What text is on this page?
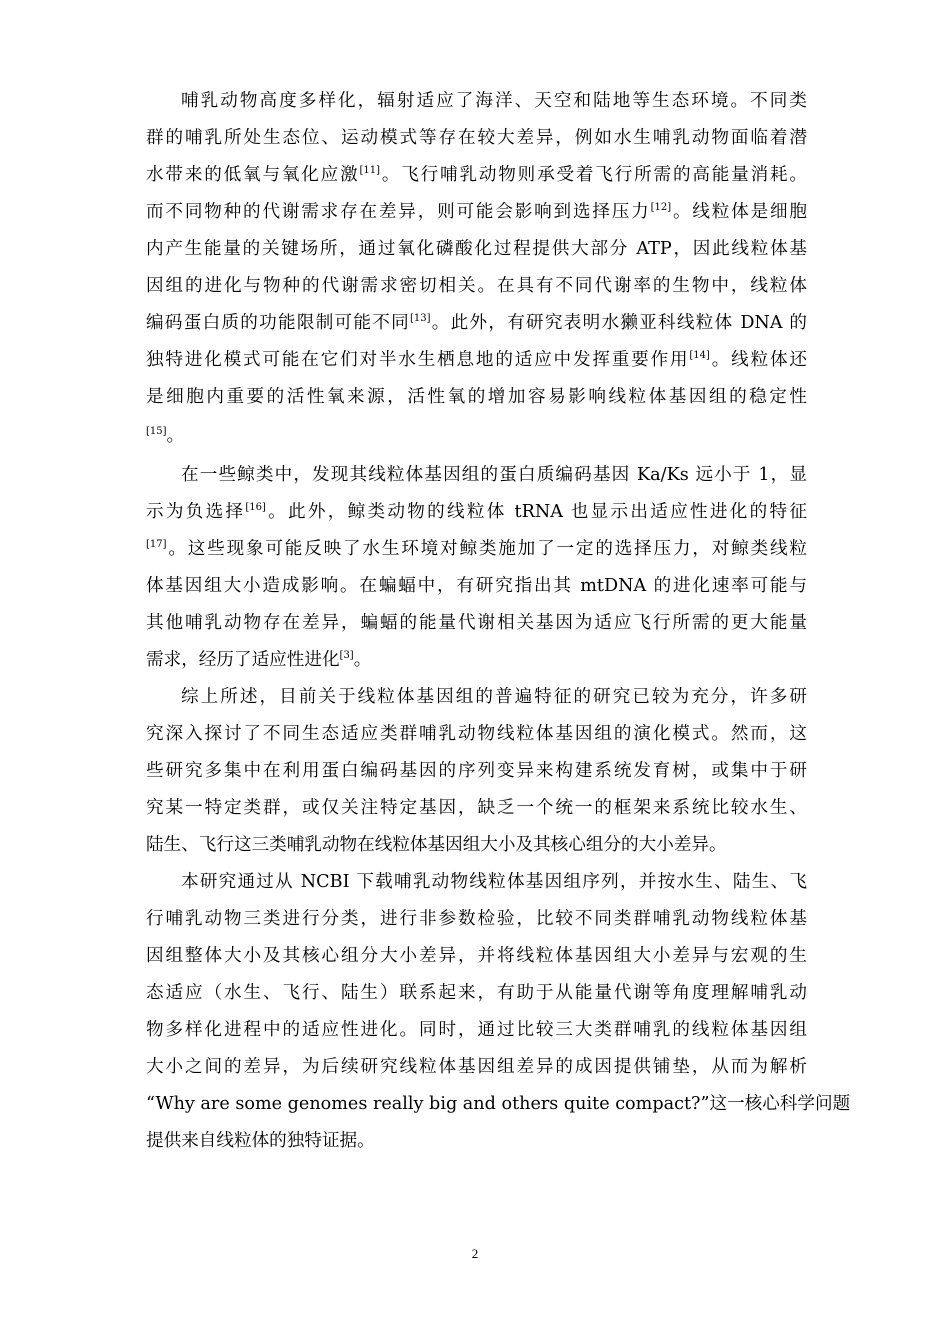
哺乳动物高度多样化，辐射适应了海洋、天空和陆地等生态环境。不同类
群的哺乳所处生态位、运动模式等存在较大差异，例如水生哺乳动物面临着潜
水带来的低氧与氧化应激[11]。飞行哺乳动物则承受着飞行所需的高能量消耗。
而不同物种的代谢需求存在差异，则可能会影响到选择压力[12]。线粒体是细胞
内产生能量的关键场所，通过氧化磷酸化过程提供大部分 ATP，因此线粒体基
因组的进化与物种的代谢需求密切相关。在具有不同代谢率的生物中，线粒体
编码蛋白质的功能限制可能不同[13]。此外，有研究表明水獭亚科线粒体 DNA 的
独特进化模式可能在它们对半水生栖息地的适应中发挥重要作用[14]。线粒体还
是细胞内重要的活性氧来源，活性氧的增加容易影响线粒体基因组的稳定性
[15]。
在一些鲸类中，发现其线粒体基因组的蛋白质编码基因 Ka/Ks 远小于 1，显
示为负选择[16]。此外，鲸类动物的线粒体 tRNA 也显示出适应性进化的特征
[17]。这些现象可能反映了水生环境对鲸类施加了一定的选择压力，对鲸类线粒
体基因组大小造成影响。在蝙蝠中，有研究指出其 mtDNA 的进化速率可能与
其他哺乳动物存在差异，蝙蝠的能量代谢相关基因为适应飞行所需的更大能量
需求，经历了适应性进化[3]。
综上所述，目前关于线粒体基因组的普遍特征的研究已较为充分，许多研
究深入探讨了不同生态适应类群哺乳动物线粒体基因组的演化模式。然而，这
些研究多集中在利用蛋白编码基因的序列变异来构建系统发育树，或集中于研
究某一特定类群，或仅关注特定基因，缺乏一个统一的框架来系统比较水生、
陆生、飞行这三类哺乳动物在线粒体基因组大小及其核心组分的大小差异。
本研究通过从 NCBI 下载哺乳动物线粒体基因组序列，并按水生、陆生、飞
行哺乳动物三类进行分类，进行非参数检验，比较不同类群哺乳动物线粒体基
因组整体大小及其核心组分大小差异，并将线粒体基因组大小差异与宏观的生
态适应（水生、飞行、陆生）联系起来，有助于从能量代谢等角度理解哺乳动
物多样化进程中的适应性进化。同时，通过比较三大类群哺乳的线粒体基因组
大小之间的差异，为后续研究线粒体基因组差异的成因提供铺垫，从而为解析
“Why are some genomes really big and others quite compact?”这一核心科学问题
提供来自线粒体的独特证据。
2
